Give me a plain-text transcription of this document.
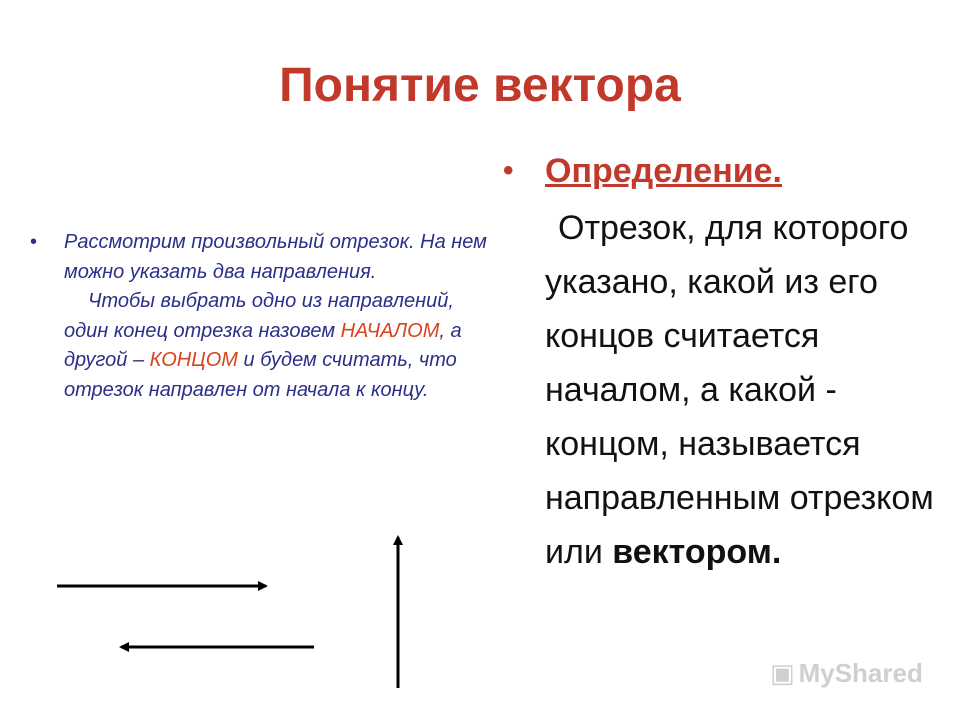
Понятие вектора
• Рассмотрим произвольный отрезок. На нем можно указать два направления.
Чтобы выбрать одно из направлений, один конец отрезка назовем НАЧАЛОМ, а другой – КОНЦОМ и будем считать, что отрезок направлен от начала к концу.
• Определение.
Отрезок, для которого указано, какой из его концов считается началом, а какой - концом, называется направленным отрезком или вектором.
▣ MyShared
